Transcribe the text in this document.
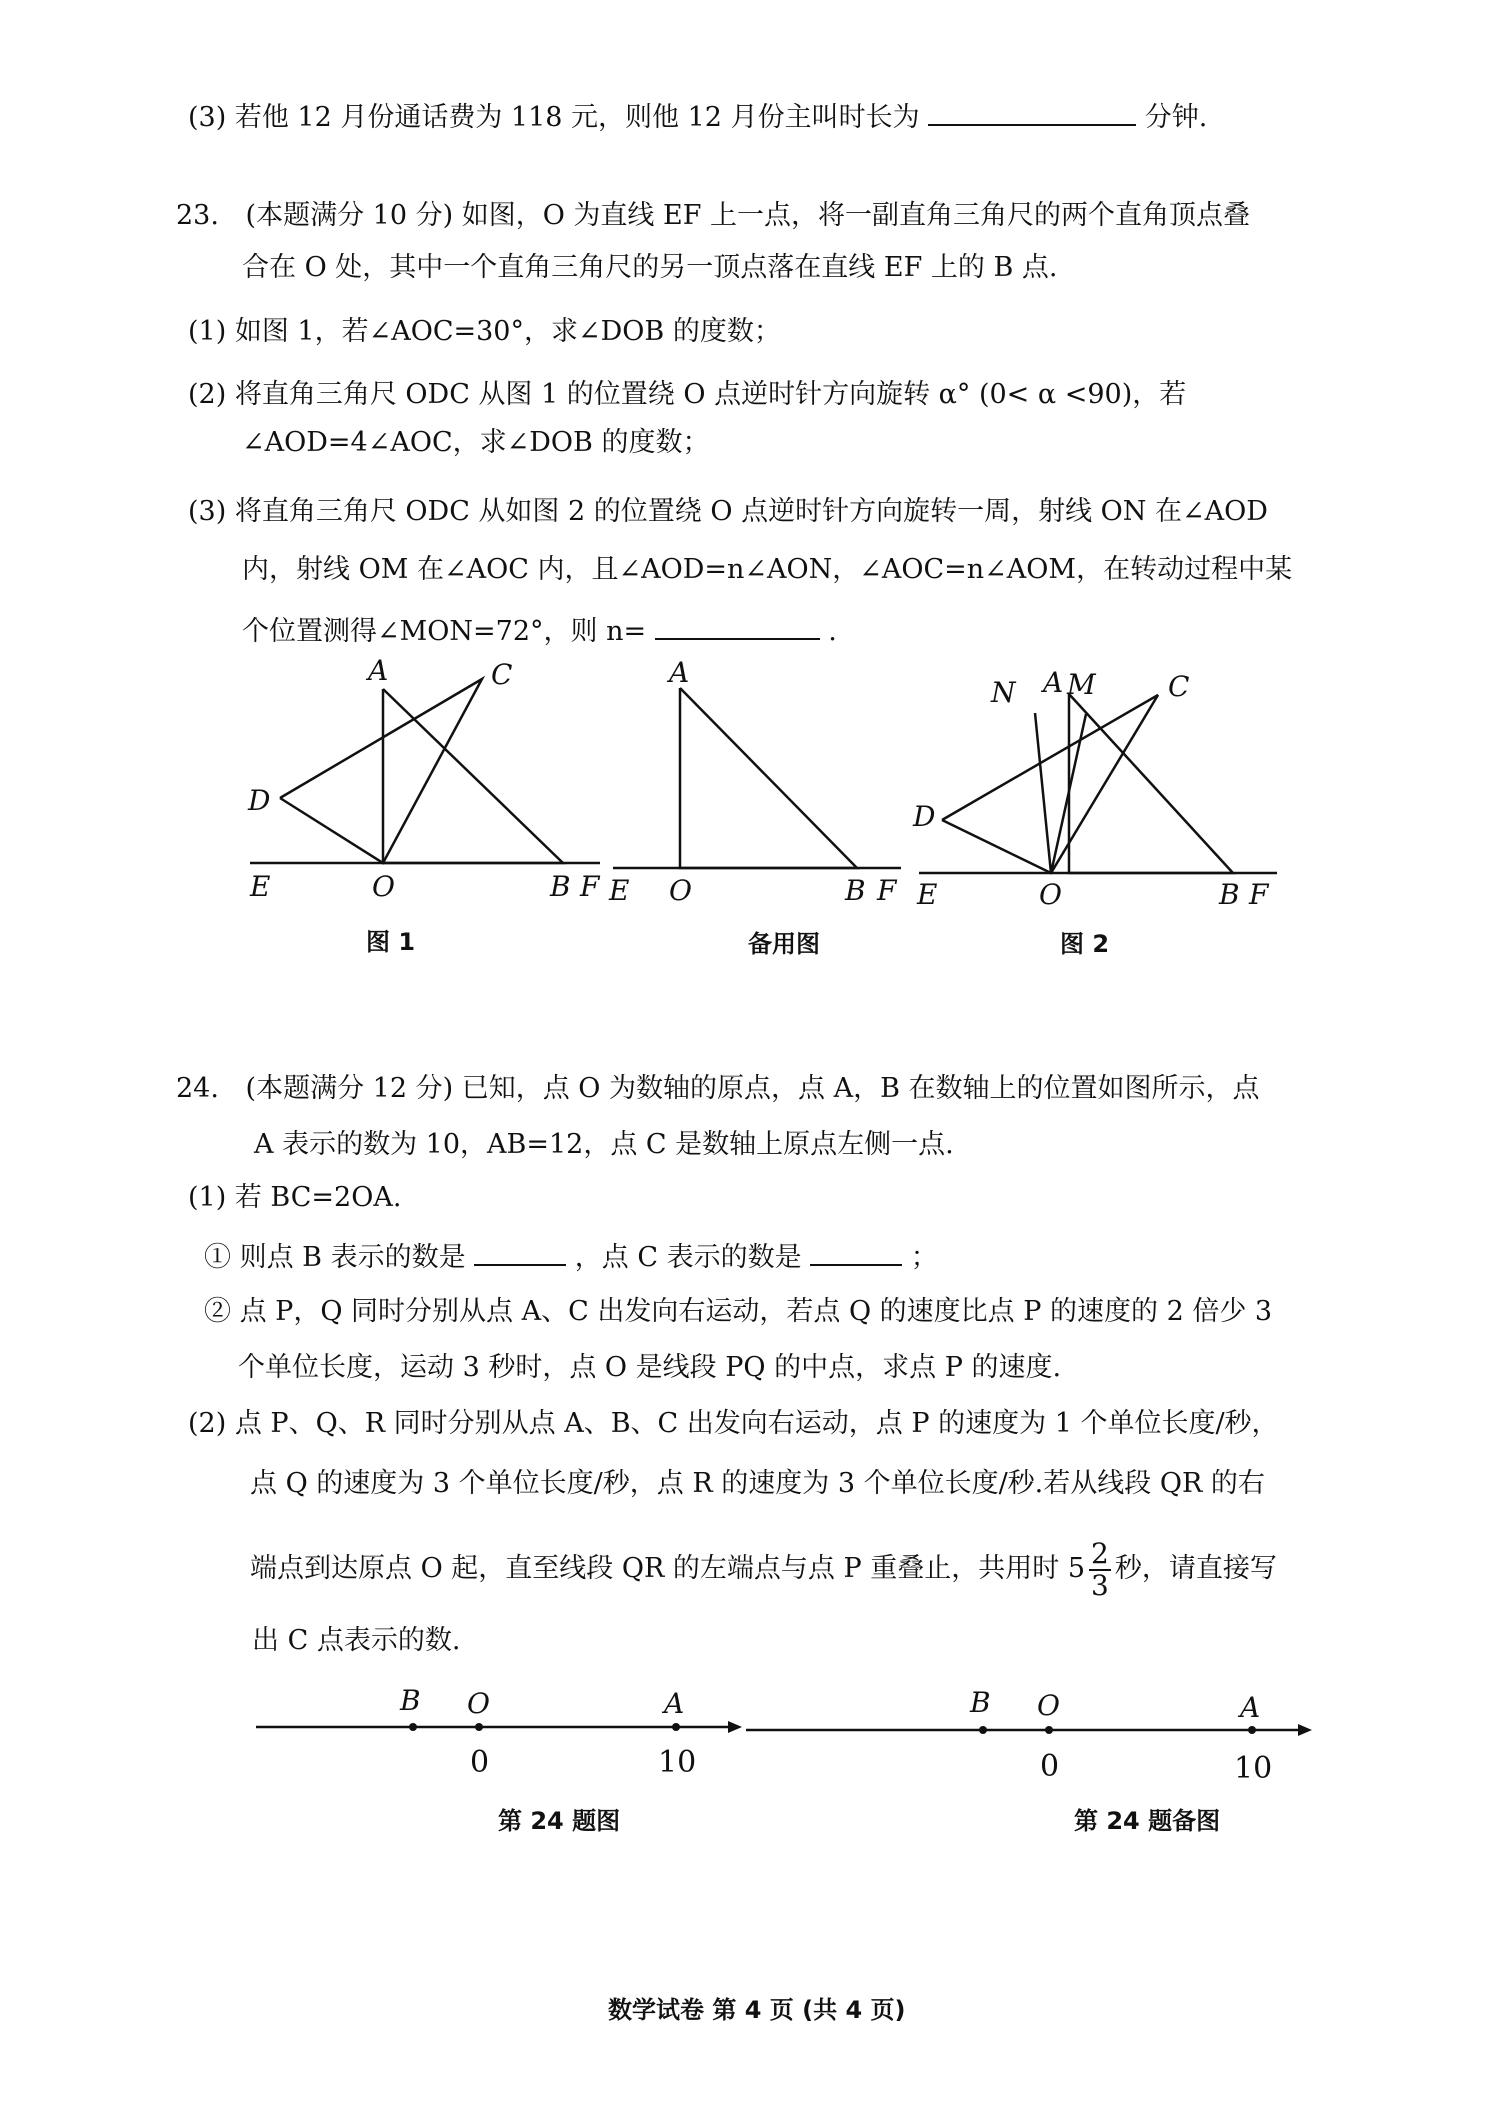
(3) 若他 12 月份通话费为 118 元，则他 12 月份主叫时长为	分钟.
23. (本题满分 10 分) 如图，O 为直线 EF 上一点，将一副直角三角尺的两个直角顶点叠
合在 O 处，其中一个直角三角尺的另一顶点落在直线 EF 上的 B 点.
(1) 如图 1，若∠AOC=30°，求∠DOB 的度数；
(2) 将直角三角尺 ODC 从图 1 的位置绕 O 点逆时针方向旋转 α° (0< α <90)，若
∠AOD=4∠AOC，求∠DOB 的度数；
(3) 将直角三角尺 ODC 从如图 2 的位置绕 O 点逆时针方向旋转一周，射线 ON 在∠AOD
内，射线 OM 在∠AOC 内，且∠AOD=n∠AON，∠AOC=n∠AOM，在转动过程中某
个位置测得∠MON=72°，则 n=	.
A	C
D
E	O	B F
图 1
A
E O	B F
备用图
N A M	C
D
E	O	B F
图 2
24. (本题满分 12 分) 已知，点 O 为数轴的原点，点 A，B 在数轴上的位置如图所示，点
A 表示的数为 10，AB=12，点 C 是数轴上原点左侧一点.
(1) 若 BC=2OA.
① 则点 B 表示的数是	，点 C 表示的数是	；
② 点 P，Q 同时分别从点 A、C 出发向右运动，若点 Q 的速度比点 P 的速度的 2 倍少 3
个单位长度，运动 3 秒时，点 O 是线段 PQ 的中点，求点 P 的速度.
(2) 点 P、Q、R 同时分别从点 A、B、C 出发向右运动，点 P 的速度为 1 个单位长度/秒，
点 Q 的速度为 3 个单位长度/秒，点 R 的速度为 3 个单位长度/秒.若从线段 QR 的右
端点到达原点 O 起，直至线段 QR 的左端点与点 P 重叠止，共用时 $5 \frac{2}{3}$ 秒，请直接写
出 C 点表示的数.
B O	A
0	10
第 24 题图
B O	A
0	10
第 24 题备图
数学试卷 第 4 页 (共 4 页)
